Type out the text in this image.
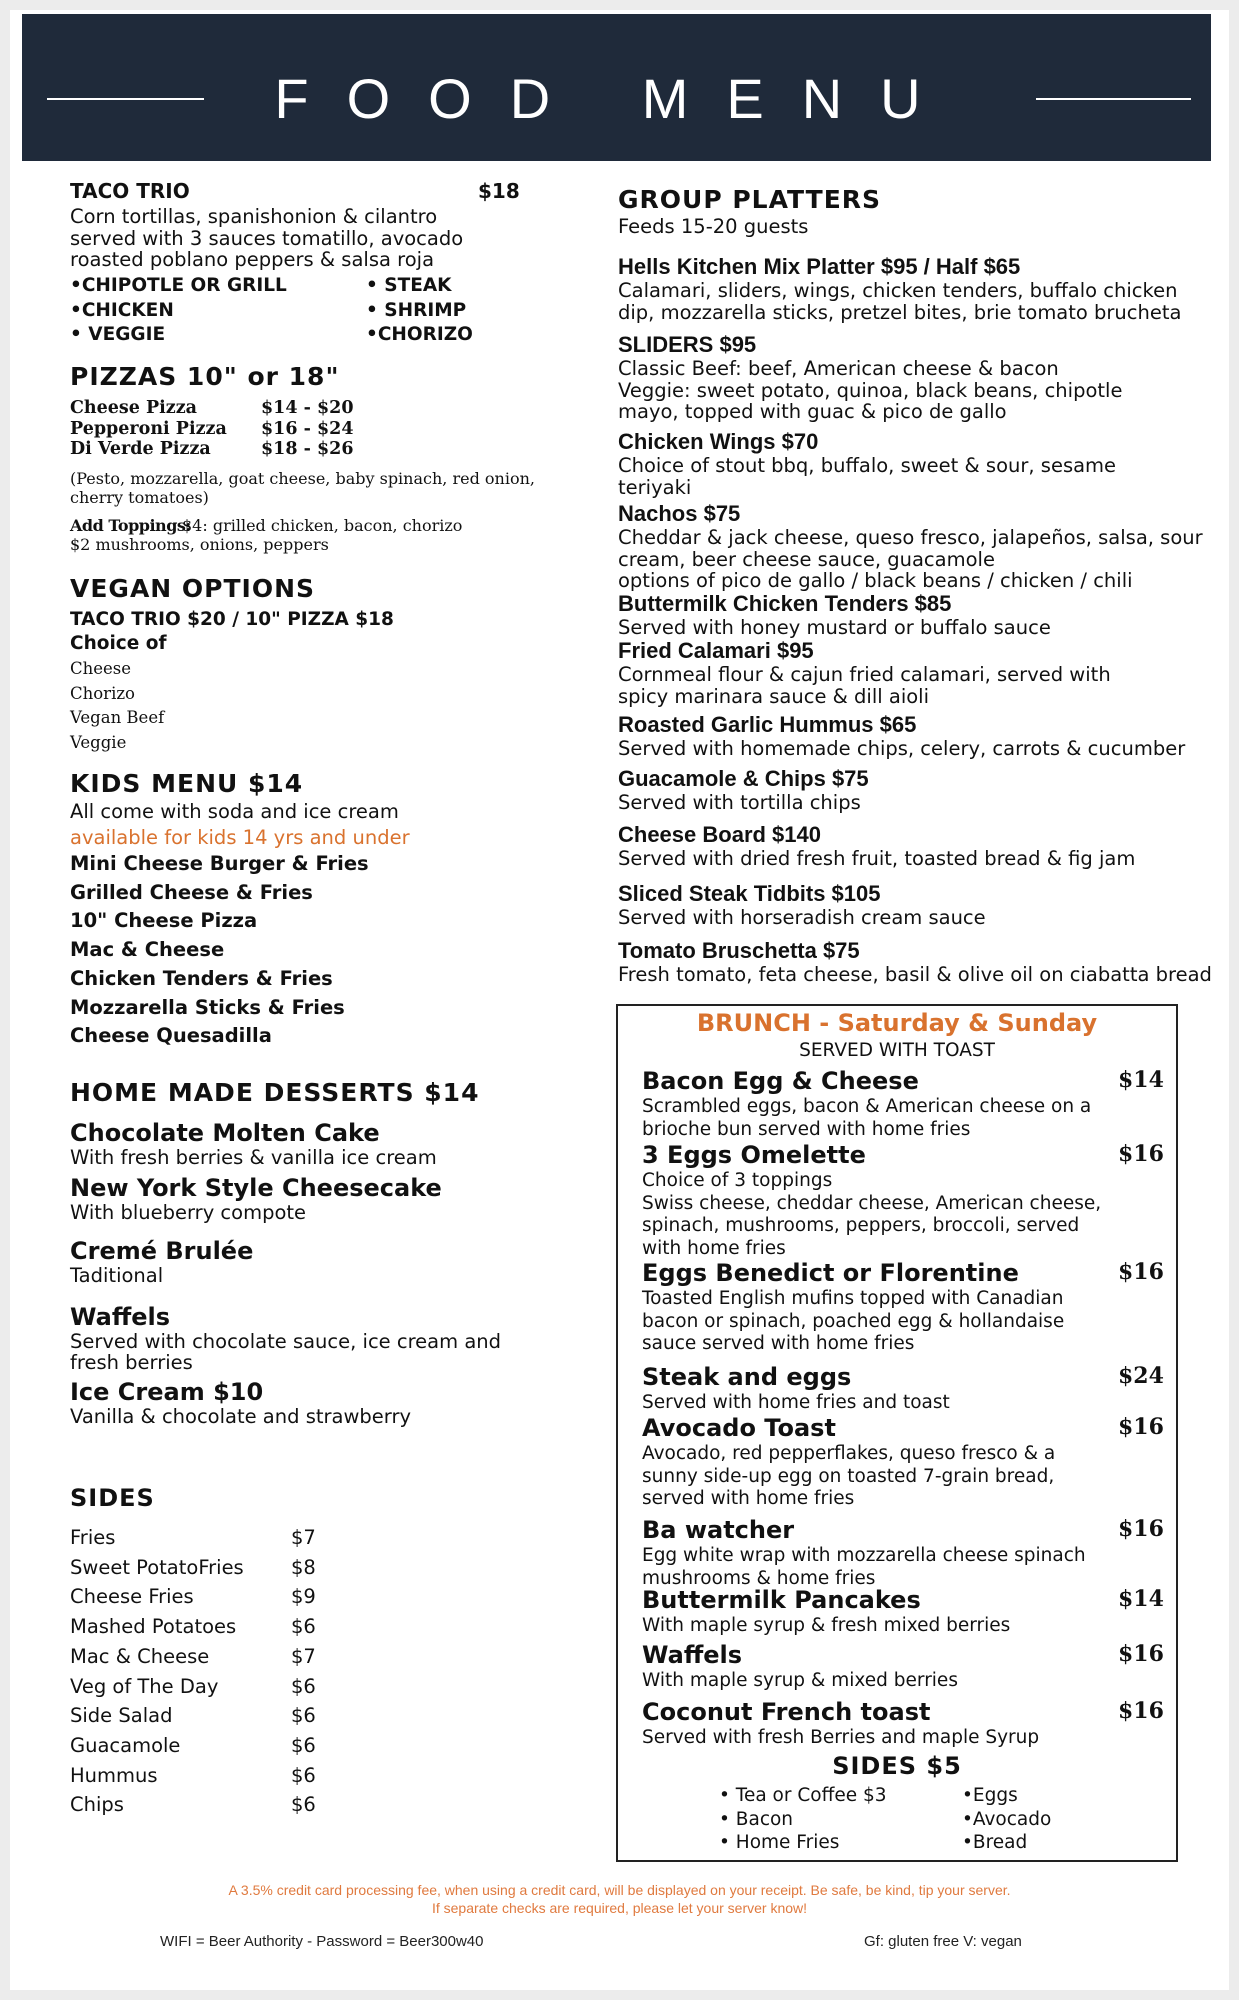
FOOD MENU
TACO TRIO	$18
Corn tortillas, spanishonion & cilantro
served with 3 sauces tomatillo, avocado
roasted poblano peppers & salsa roja
•CHIPOTLE OR GRILL
•CHICKEN
• VEGGIE
• STEAK
• SHRIMP
•CHORIZO
PIZZAS 10" or 18"
Cheese Pizza	$14 - $20
Pepperoni Pizza $16 - $24
Di Verde Pizza	$18 - $26
(Pesto, mozzarella, goat cheese, baby spinach, red onion,
cherry tomatoes)
Add Toppings:
$4: grilled chicken, bacon, chorizo
$2 mushrooms, onions, peppers
VEGAN OPTIONS
TACO TRIO $20 / 10" PIZZA $18
Choice of
Cheese
Chorizo
Vegan Beef
Veggie
KIDS MENU $14
All come with soda and ice cream
available for kids 14 yrs and under
Mini Cheese Burger & Fries
Grilled Cheese & Fries
10" Cheese Pizza
Mac & Cheese
Chicken Tenders & Fries
Mozzarella Sticks & Fries
Cheese Quesadilla
HOME MADE DESSERTS $14
Chocolate Molten Cake
With fresh berries & vanilla ice cream
New York Style Cheesecake
With blueberry compote
Cremé Brulée
Taditional
Waffels
Served with chocolate sauce, ice cream and
fresh berries
Ice Cream $10
Vanilla & chocolate and strawberry
SIDES
Fries	$7
Sweet PotatoFries $8
Cheese Fries	$9
Mashed Potatoes	$6
Mac & Cheese	$7
Veg of The Day	$6
Side Salad	$6
Guacamole	$6
Hummus	$6
Chips	$6
GROUP PLATTERS
Feeds 15-20 guests
Hells Kitchen Mix Platter $95 / Half $65
Calamari, sliders, wings, chicken tenders, buffalo chicken
dip, mozzarella sticks, pretzel bites, brie tomato brucheta
SLIDERS $95
Classic Beef: beef, American cheese & bacon
Veggie: sweet potato, quinoa, black beans, chipotle
mayo, topped with guac & pico de gallo
Chicken Wings $70
Choice of stout bbq, buffalo, sweet & sour, sesame
teriyaki
Nachos $75
Cheddar & jack cheese, queso fresco, jalapeños, salsa, sour
cream, beer cheese sauce, guacamole
options of pico de gallo / black beans / chicken / chili
Buttermilk Chicken Tenders $85
Served with honey mustard or buffalo sauce
Fried Calamari $95
Cornmeal flour & cajun fried calamari, served with
spicy marinara sauce & dill aioli
Roasted Garlic Hummus $65
Served with homemade chips, celery, carrots & cucumber
Guacamole & Chips $75
Served with tortilla chips
Cheese Board $140
Served with dried fresh fruit, toasted bread & fig jam
Sliced Steak Tidbits $105
Served with horseradish cream sauce
Tomato Bruschetta $75
Fresh tomato, feta cheese, basil & olive oil on ciabatta bread
BRUNCH - Saturday & Sunday
SERVED WITH TOAST
Bacon Egg & Cheese	$14
Scrambled eggs, bacon & American cheese on a
brioche bun served with home fries
3 Eggs Omelette	$16
Choice of 3 toppings
Swiss cheese, cheddar cheese, American cheese,
spinach, mushrooms, peppers, broccoli, served
with home fries
Eggs Benedict or Florentine	$16
Toasted English mufins topped with Canadian
bacon or spinach, poached egg & hollandaise
sauce served with home fries
Steak and eggs	$24
Served with home fries and toast
Avocado Toast	$16
Avocado, red pepperflakes, queso fresco & a
sunny side-up egg on toasted 7-grain bread,
served with home fries
Ba watcher	$16
Egg white wrap with mozzarella cheese spinach
mushrooms & home fries
Buttermilk Pancakes	$14
With maple syrup & fresh mixed berries
Waffels	$16
With maple syrup & mixed berries
Coconut French toast	$16
Served with fresh Berries and maple Syrup
SIDES $5
• Tea or Coffee $3
• Bacon
• Home Fries
•Eggs
•Avocado
•Bread
A 3.5% credit card processing fee, when using a credit card, will be displayed on your receipt. Be safe, be kind, tip your server.
If separate checks are required, please let your server know!
WIFI = Beer Authority - Password = Beer300w40	Gf: gluten free V: vegan
